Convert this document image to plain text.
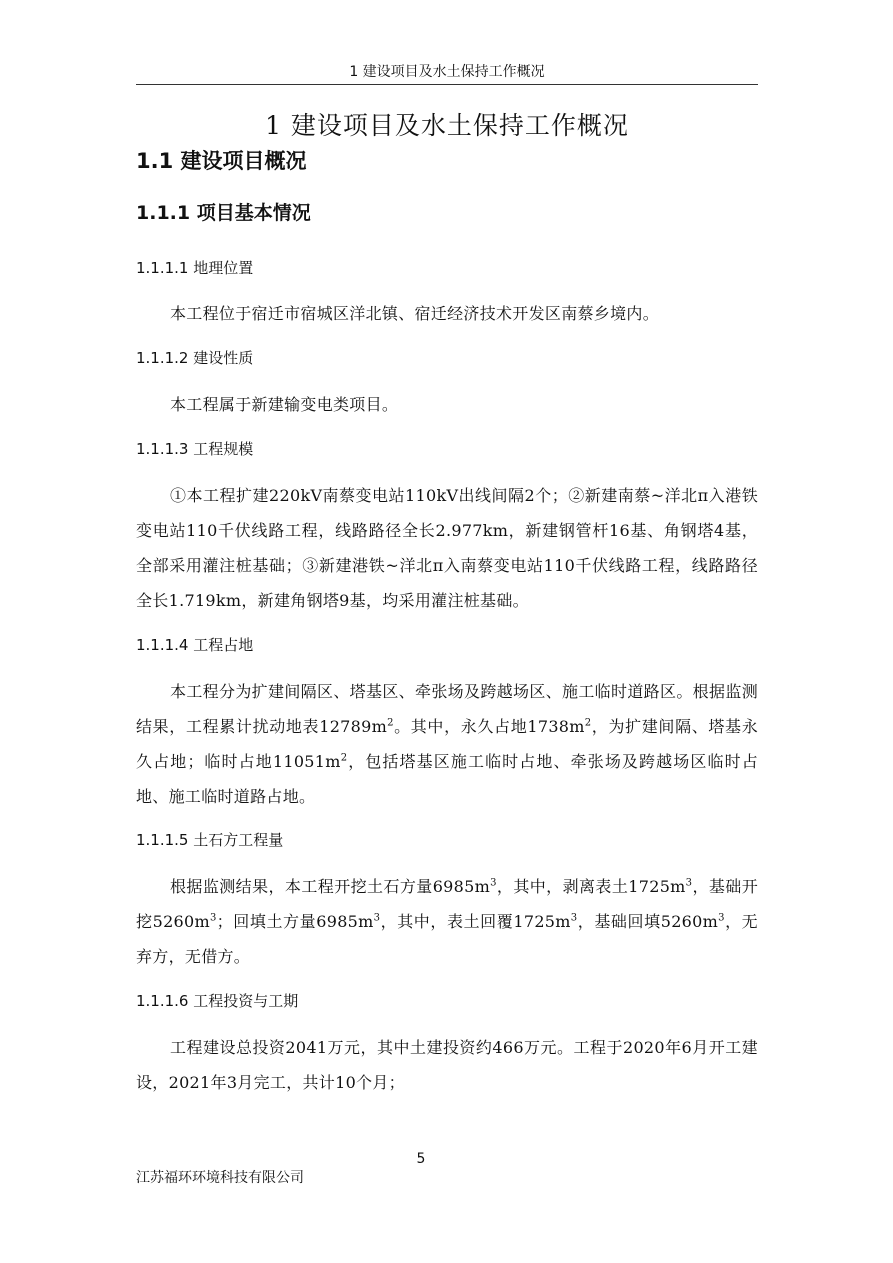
1 建设项目及水土保持工作概况
1 建设项目及水土保持工作概况
1.1 建设项目概况
1.1.1 项目基本情况
1.1.1.1 地理位置

本工程位于宿迁市宿城区洋北镇、宿迁经济技术开发区南蔡乡境内。

1.1.1.2 建设性质

本工程属于新建输变电类项目。

1.1.1.3 工程规模

①本工程扩建220kV南蔡变电站110kV出线间隔2个；②新建南蔡~洋北π入港铁变电站110千伏线路工程，线路路径全长2.977km，新建钢管杆16基、角钢塔4基，全部采用灌注桩基础；③新建港铁~洋北π入南蔡变电站110千伏线路工程，线路路径全长1.719km，新建角钢塔9基，均采用灌注桩基础。

1.1.1.4 工程占地

本工程分为扩建间隔区、塔基区、牵张场及跨越场区、施工临时道路区。根据监测结果，工程累计扰动地表$12789m^2$。其中，永久占地$1738m^2$，为扩建间隔、塔基永久占地；临时占地$11051m^2$，包括塔基区施工临时占地、牵张场及跨越场区临时占地、施工临时道路占地。

1.1.1.5 土石方工程量

根据监测结果，本工程开挖土石方量$6985m^3$，其中，剥离表土$1725m^3$，基础开挖$5260m^3$；回填土方量$6985m^3$，其中，表土回覆$1725m^3$，基础回填$5260m^3$，无弃方，无借方。

1.1.1.6 工程投资与工期

工程建设总投资2041万元，其中土建投资约466万元。工程于2020年6月开工建设，2021年3月完工，共计10个月；

5
江苏福环环境科技有限公司
